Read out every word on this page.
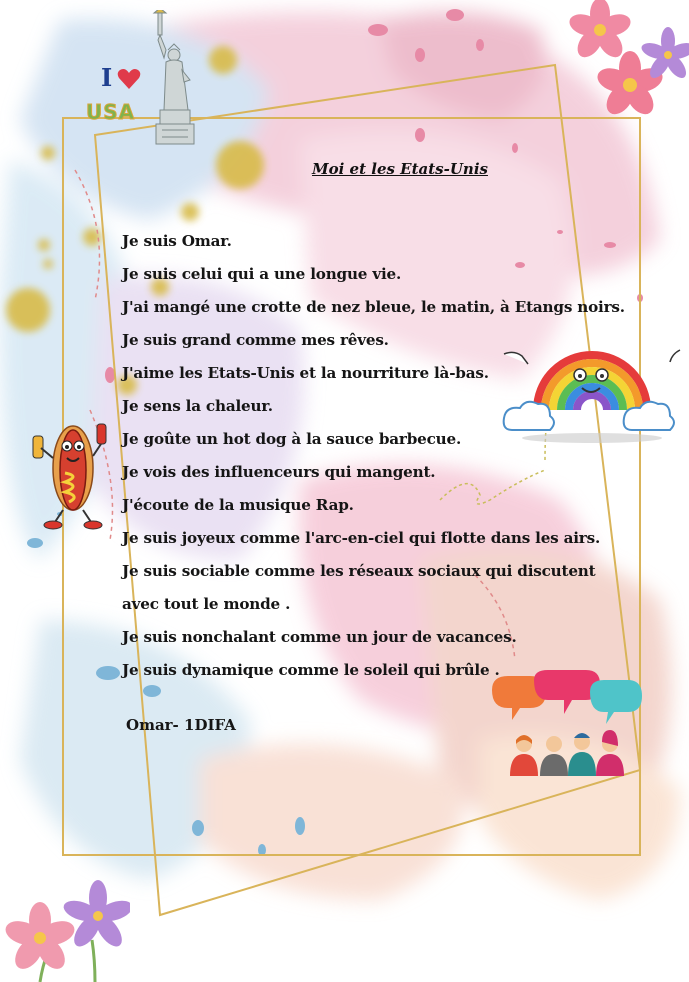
I
USA
Moi et les Etats-Unis
Je suis Omar.
Je suis celui qui a une longue vie.
J'ai mangé une crotte de nez bleue, le matin, à Etangs noirs.
Je suis grand comme mes rêves.
J'aime les Etats-Unis et la nourriture là-bas.
Je sens la chaleur.
Je goûte un hot dog à la sauce barbecue.
Je vois des influenceurs qui mangent.
J'écoute de la musique Rap.
Je suis joyeux comme l'arc-en-ciel qui flotte dans les airs.
Je suis sociable comme les réseaux sociaux qui discutent
avec tout le monde .
Je suis nonchalant comme un jour de vacances.
Je suis dynamique comme le soleil qui brûle .
Omar- 1DIFA
